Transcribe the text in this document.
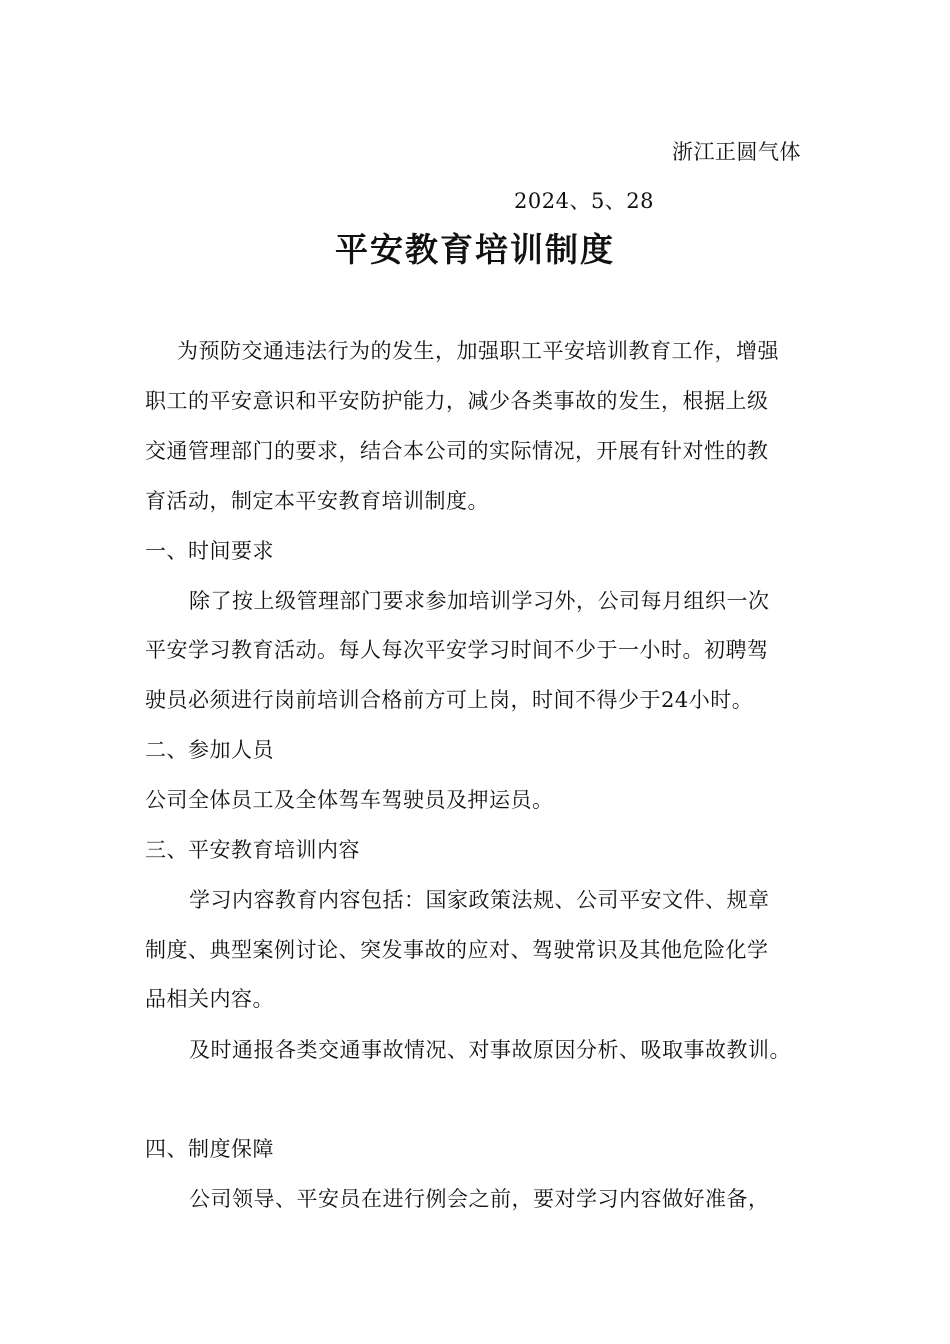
浙江正圆气体
2024、5、28
平安教育培训制度
为预防交通违法行为的发生，加强职工平安培训教育工作，增强
职工的平安意识和平安防护能力，减少各类事故的发生，根据上级
交通管理部门的要求，结合本公司的实际情况，开展有针对性的教
育活动，制定本平安教育培训制度。
一、时间要求
除了按上级管理部门要求参加培训学习外，公司每月组织一次
平安学习教育活动。每人每次平安学习时间不少于一小时。初聘驾
驶员必须进行岗前培训合格前方可上岗，时间不得少于24小时。
二、参加人员
公司全体员工及全体驾车驾驶员及押运员。
三、平安教育培训内容
学习内容教育内容包括：国家政策法规、公司平安文件、规章
制度、典型案例讨论、突发事故的应对、驾驶常识及其他危险化学
品相关内容。
及时通报各类交通事故情况、对事故原因分析、吸取事故教训。
四、制度保障
公司领导、平安员在进行例会之前，要对学习内容做好准备，
